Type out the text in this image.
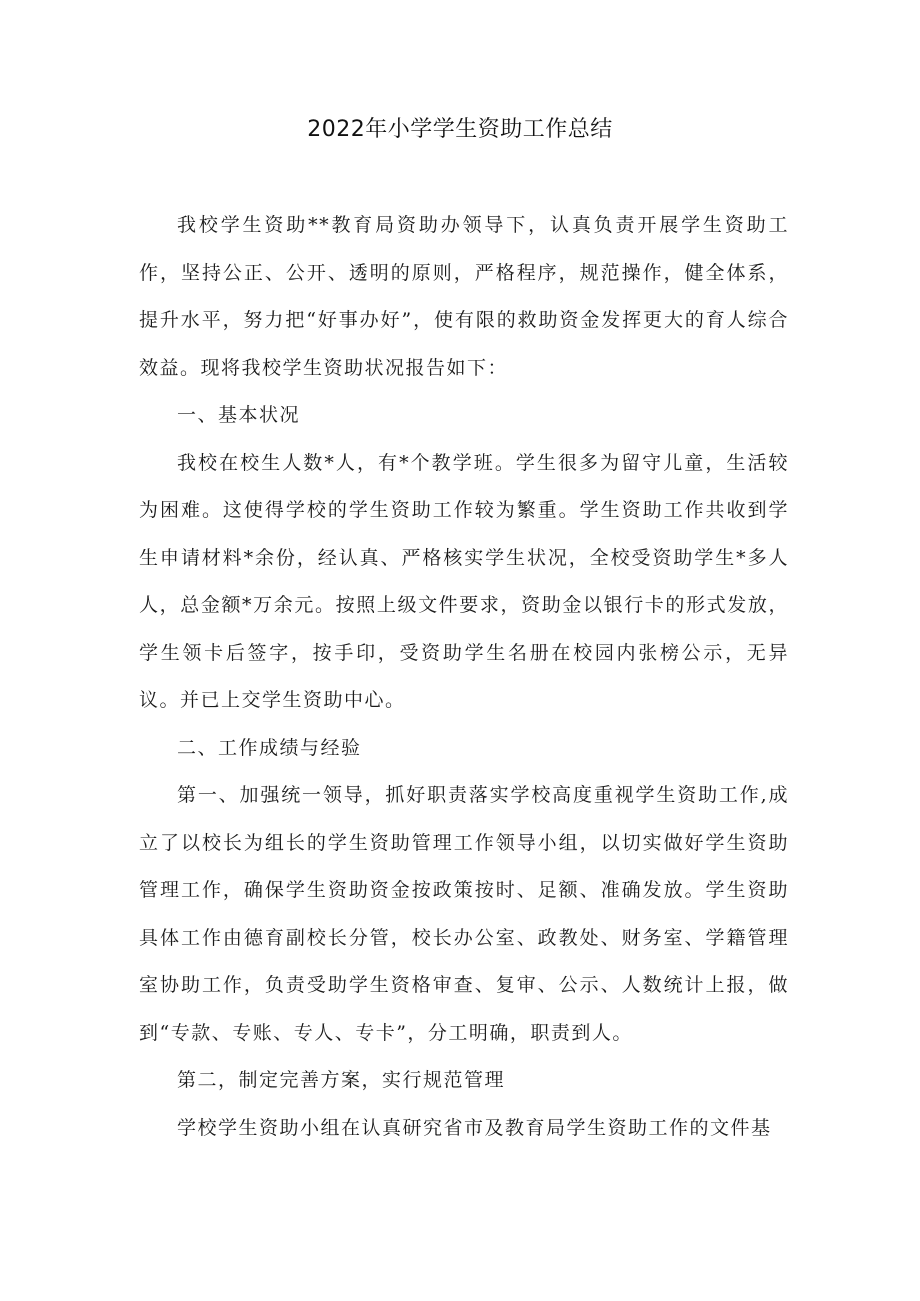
2022年小学学生资助工作总结

我校学生资助**教育局资助办领导下，认真负责开展学生资助工作，坚持公正、公开、透明的原则，严格程序，规范操作，健全体系，提升水平，努力把“好事办好”，使有限的救助资金发挥更大的育人综合效益。现将我校学生资助状况报告如下：

一、基本状况

我校在校生人数*人，有*个教学班。学生很多为留守儿童，生活较为困难。这使得学校的学生资助工作较为繁重。学生资助工作共收到学生申请材料*余份，经认真、严格核实学生状况，全校受资助学生*多人人，总金额*万余元。按照上级文件要求，资助金以银行卡的形式发放，学生领卡后签字，按手印，受资助学生名册在校园内张榜公示，无异议。并已上交学生资助中心。

二、工作成绩与经验

第一、加强统一领导，抓好职责落实学校高度重视学生资助工作,成立了以校长为组长的学生资助管理工作领导小组，以切实做好学生资助管理工作，确保学生资助资金按政策按时、足额、准确发放。学生资助具体工作由德育副校长分管，校长办公室、政教处、财务室、学籍管理室协助工作，负责受助学生资格审查、复审、公示、人数统计上报，做到“专款、专账、专人、专卡”，分工明确，职责到人。

第二，制定完善方案，实行规范管理

学校学生资助小组在认真研究省市及教育局学生资助工作的文件基
